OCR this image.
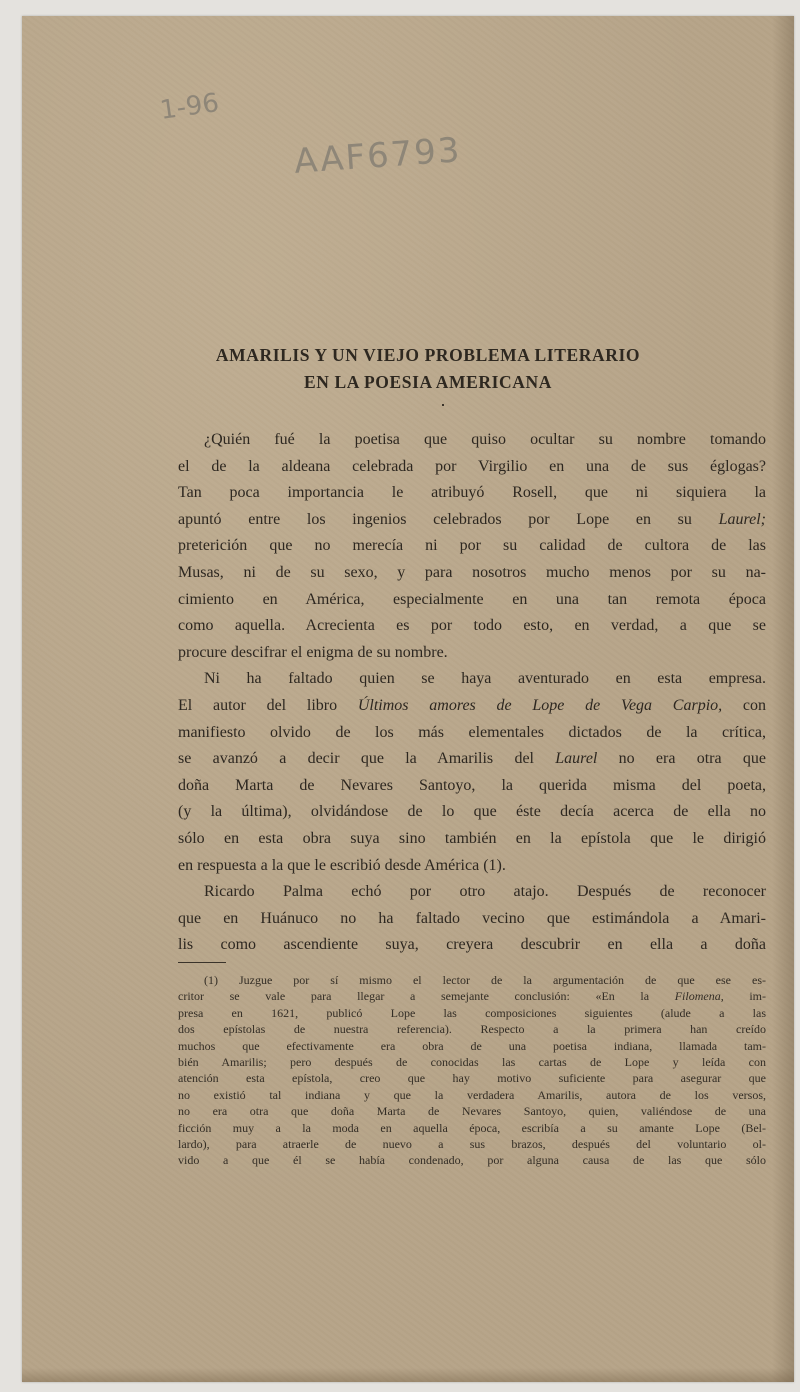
1-96
AAF6793
AMARILIS Y UN VIEJO PROBLEMA LITERARIO
EN LA POESIA AMERICANA
¿Quién fué la poetisa que quiso ocultar su nombre tomando
el de la aldeana celebrada por Virgilio en una de sus églogas?
Tan poca importancia le atribuyó Rosell, que ni siquiera la
apuntó entre los ingenios celebrados por Lope en su Laurel;
preterición que no merecía ni por su calidad de cultora de las
Musas, ni de su sexo, y para nosotros mucho menos por su na-
cimiento en América, especialmente en una tan remota época
como aquella. Acrecienta es por todo esto, en verdad, a que se
procure descifrar el enigma de su nombre.
Ni ha faltado quien se haya aventurado en esta empresa.
El autor del libro Últimos amores de Lope de Vega Carpio, con
manifiesto olvido de los más elementales dictados de la crítica,
se avanzó a decir que la Amarilis del Laurel no era otra que
doña Marta de Nevares Santoyo, la querida misma del poeta,
(y la última), olvidándose de lo que éste decía acerca de ella no
sólo en esta obra suya sino también en la epístola que le dirigió
en respuesta a la que le escribió desde América (1).
Ricardo Palma echó por otro atajo. Después de reconocer
que en Huánuco no ha faltado vecino que estimándola a Amari-
lis como ascendiente suya, creyera descubrir en ella a doña
(1) Juzgue por sí mismo el lector de la argumentación de que ese es-
critor se vale para llegar a semejante conclusión: «En la Filomena, im-
presa en 1621, publicó Lope las composiciones siguientes (alude a las
dos epístolas de nuestra referencia). Respecto a la primera han creído
muchos que efectivamente era obra de una poetisa indiana, llamada tam-
bién Amarilis; pero después de conocidas las cartas de Lope y leída con
atención esta epístola, creo que hay motivo suficiente para asegurar que
no existió tal indiana y que la verdadera Amarilis, autora de los versos,
no era otra que doña Marta de Nevares Santoyo, quien, valiéndose de una
ficción muy a la moda en aquella época, escribía a su amante Lope (Bel-
lardo), para atraerle de nuevo a sus brazos, después del voluntario ol-
vido a que él se había condenado, por alguna causa de las que sólo
